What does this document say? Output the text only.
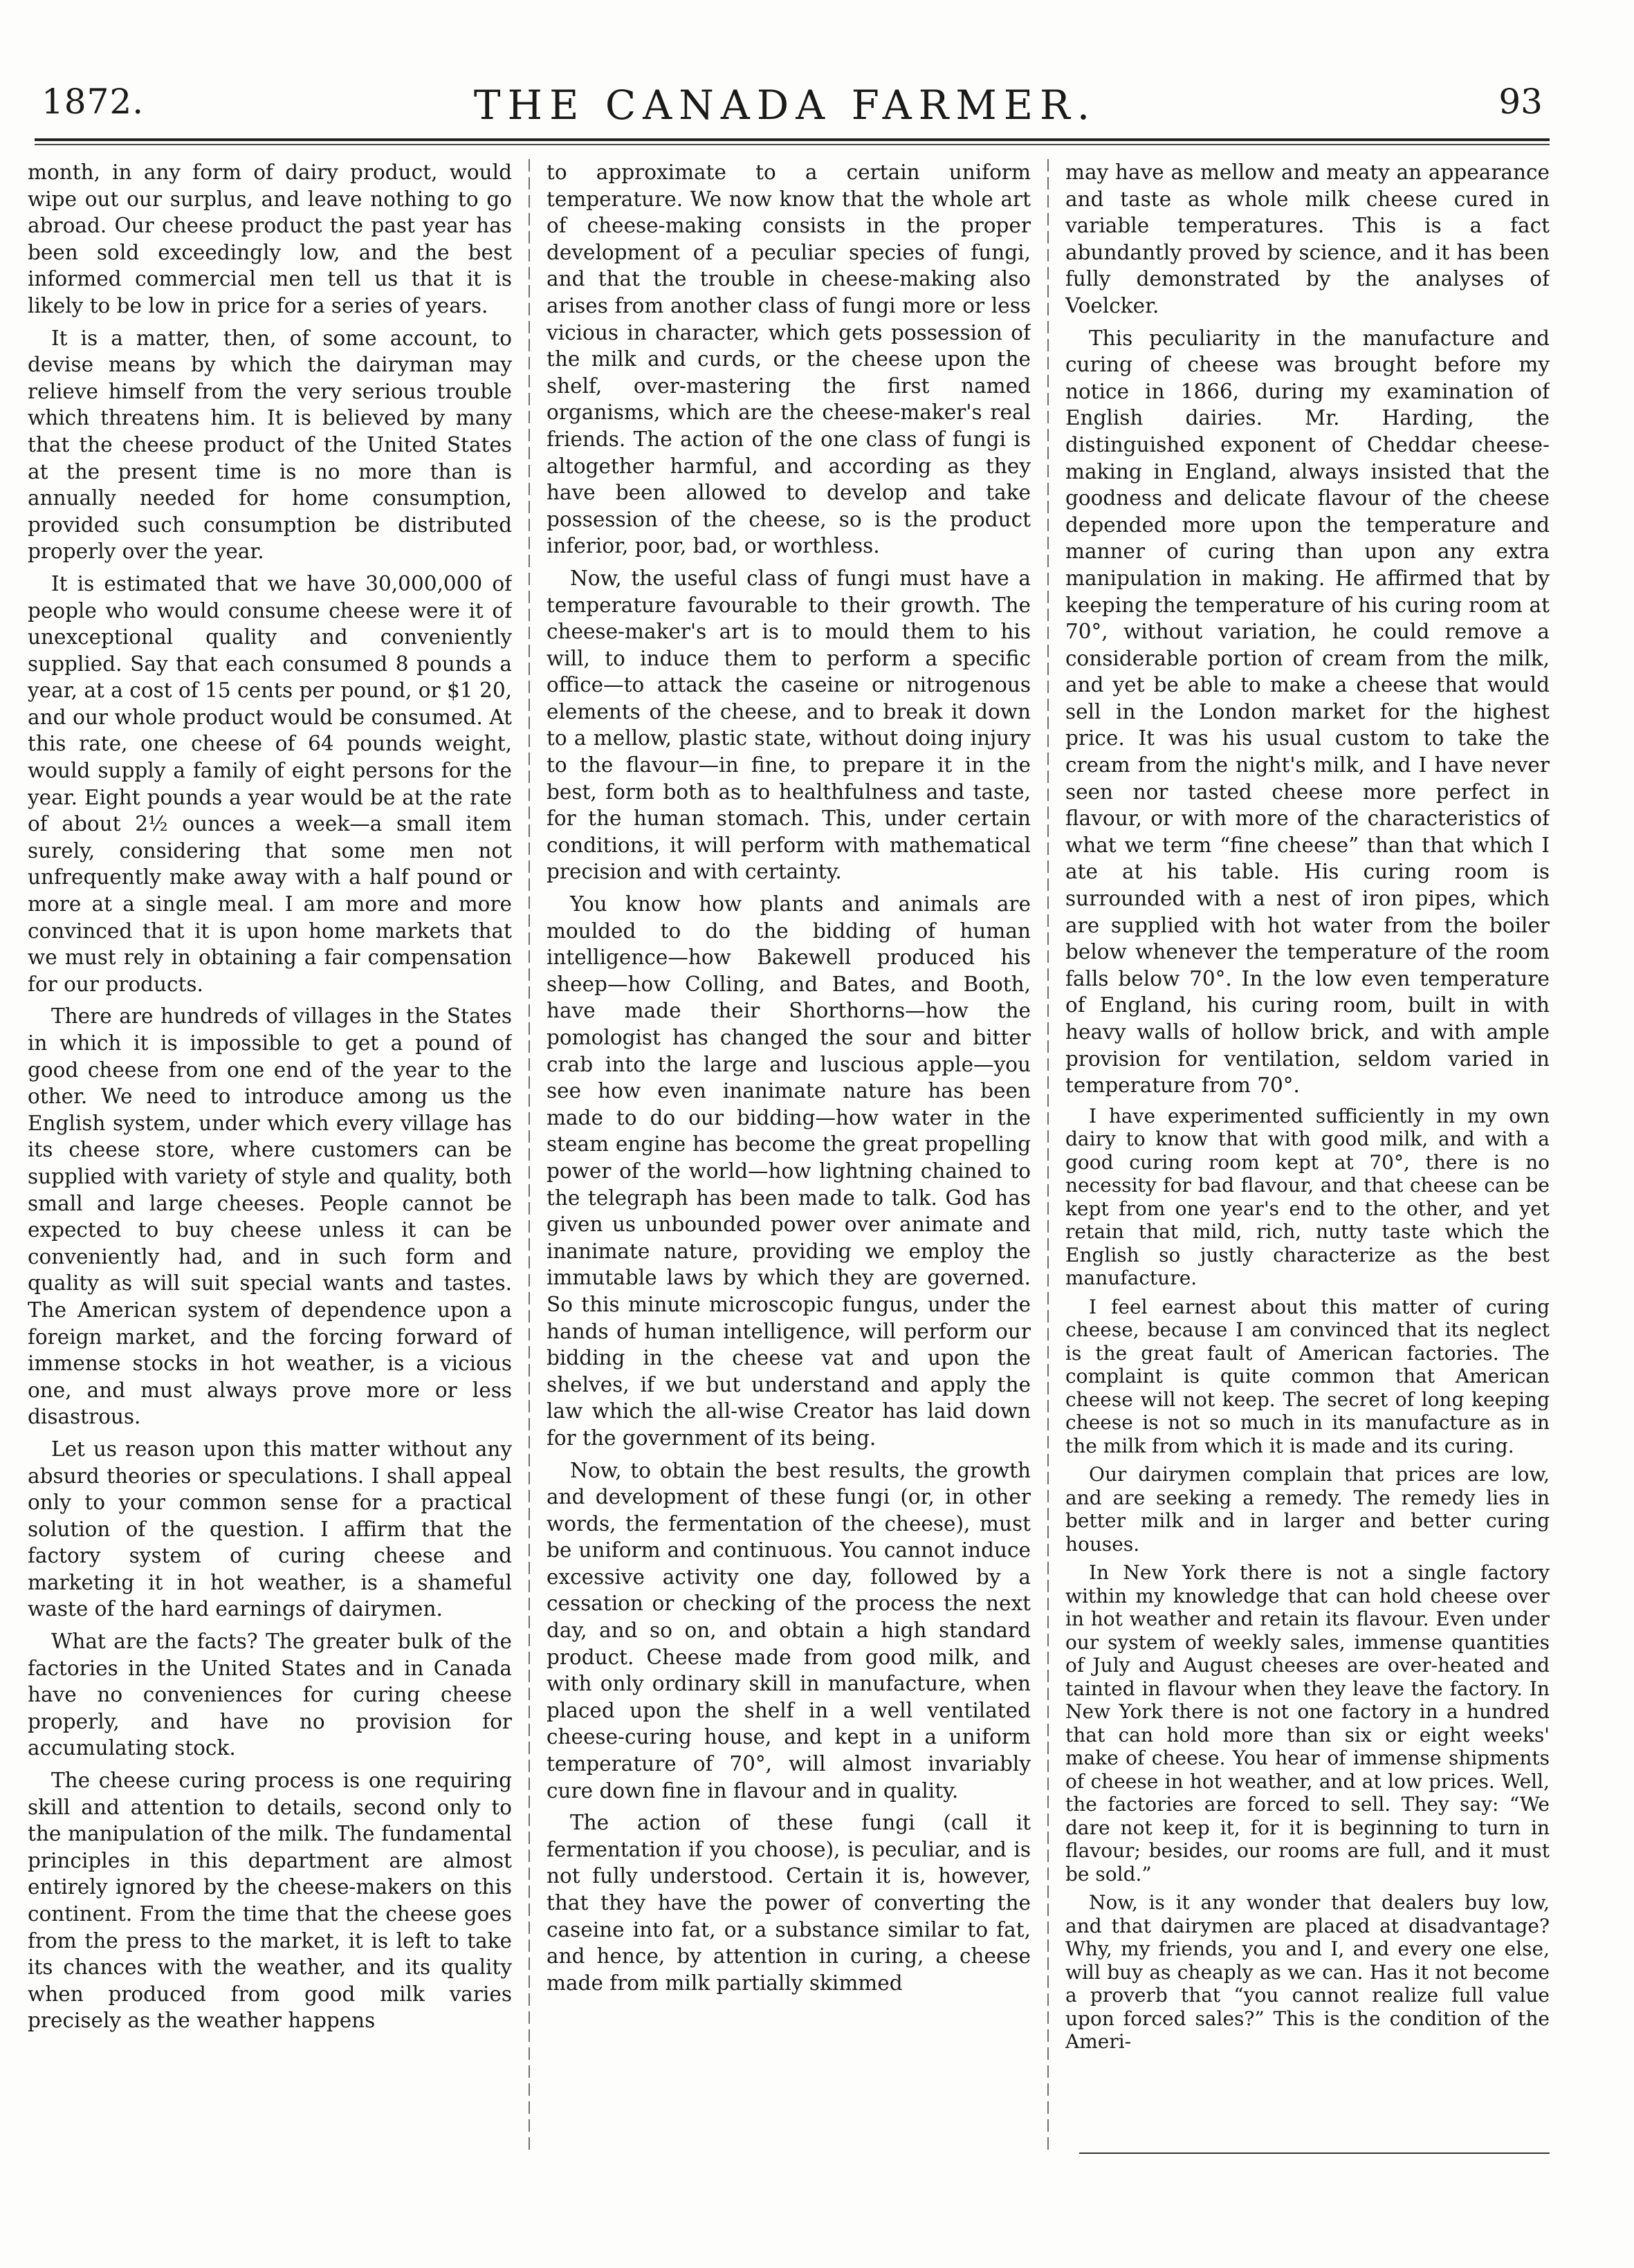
1872.	THE CANADA FARMER.	93

month, in any form of dairy product, would wipe out our surplus, and leave nothing to go abroad. Our cheese product the past year has been sold exceedingly low, and the best informed commercial men tell us that it is likely to be low in price for a series of years.

It is a matter, then, of some account, to devise means by which the dairyman may relieve himself from the very serious trouble which threatens him. It is believed by many that the cheese product of the United States at the present time is no more than is annually needed for home consumption, provided such consumption be distributed properly over the year.

It is estimated that we have 30,000,000 of people who would consume cheese were it of unexceptional quality and conveniently supplied. Say that each consumed 8 pounds a year, at a cost of 15 cents per pound, or $1 20, and our whole product would be consumed. At this rate, one cheese of 64 pounds weight, would supply a family of eight persons for the year. Eight pounds a year would be at the rate of about 2½ ounces a week—a small item surely, considering that some men not unfrequently make away with a half pound or more at a single meal. I am more and more convinced that it is upon home markets that we must rely in obtaining a fair compensation for our products.

There are hundreds of villages in the States in which it is impossible to get a pound of good cheese from one end of the year to the other. We need to introduce among us the English system, under which every village has its cheese store, where customers can be supplied with variety of style and quality, both small and large cheeses. People cannot be expected to buy cheese unless it can be conveniently had, and in such form and quality as will suit special wants and tastes. The American system of dependence upon a foreign market, and the forcing forward of immense stocks in hot weather, is a vicious one, and must always prove more or less disastrous.

Let us reason upon this matter without any absurd theories or speculations. I shall appeal only to your common sense for a practical solution of the question. I affirm that the factory system of curing cheese and marketing it in hot weather, is a shameful waste of the hard earnings of dairymen.

What are the facts? The greater bulk of the factories in the United States and in Canada have no conveniences for curing cheese properly, and have no provision for accumulating stock.

The cheese curing process is one requiring skill and attention to details, second only to the manipulation of the milk. The fundamental principles in this department are almost entirely ignored by the cheese-makers on this continent. From the time that the cheese goes from the press to the market, it is left to take its chances with the weather, and its quality when produced from good milk varies precisely as the weather happens

to approximate to a certain uniform temperature. We now know that the whole art of cheese-making consists in the proper development of a peculiar species of fungi, and that the trouble in cheese-making also arises from another class of fungi more or less vicious in character, which gets possession of the milk and curds, or the cheese upon the shelf, over-mastering the first named organisms, which are the cheese-maker's real friends. The action of the one class of fungi is altogether harmful, and according as they have been allowed to develop and take possession of the cheese, so is the product inferior, poor, bad, or worthless.

Now, the useful class of fungi must have a temperature favourable to their growth. The cheese-maker's art is to mould them to his will, to induce them to perform a specific office—to attack the caseine or nitrogenous elements of the cheese, and to break it down to a mellow, plastic state, without doing injury to the flavour—in fine, to prepare it in the best, form both as to healthfulness and taste, for the human stomach. This, under certain conditions, it will perform with mathematical precision and with certainty.

You know how plants and animals are moulded to do the bidding of human intelligence—how Bakewell produced his sheep—how Colling, and Bates, and Booth, have made their Shorthorns—how the pomologist has changed the sour and bitter crab into the large and luscious apple—you see how even inanimate nature has been made to do our bidding—how water in the steam engine has become the great propelling power of the world—how lightning chained to the telegraph has been made to talk. God has given us unbounded power over animate and inanimate nature, providing we employ the immutable laws by which they are governed. So this minute microscopic fungus, under the hands of human intelligence, will perform our bidding in the cheese vat and upon the shelves, if we but understand and apply the law which the all-wise Creator has laid down for the government of its being.

Now, to obtain the best results, the growth and development of these fungi (or, in other words, the fermentation of the cheese), must be uniform and continuous. You cannot induce excessive activity one day, followed by a cessation or checking of the process the next day, and so on, and obtain a high standard product. Cheese made from good milk, and with only ordinary skill in manufacture, when placed upon the shelf in a well ventilated cheese-curing house, and kept in a uniform temperature of 70°, will almost invariably cure down fine in flavour and in quality.

The action of these fungi (call it fermentation if you choose), is peculiar, and is not fully understood. Certain it is, however, that they have the power of converting the caseine into fat, or a substance similar to fat, and hence, by attention in curing, a cheese made from milk partially skimmed

may have as mellow and meaty an appearance and taste as whole milk cheese cured in variable temperatures. This is a fact abundantly proved by science, and it has been fully demonstrated by the analyses of Voelcker.

This peculiarity in the manufacture and curing of cheese was brought before my notice in 1866, during my examination of English dairies. Mr. Harding, the distinguished exponent of Cheddar cheese-making in England, always insisted that the goodness and delicate flavour of the cheese depended more upon the temperature and manner of curing than upon any extra manipulation in making. He affirmed that by keeping the temperature of his curing room at 70°, without variation, he could remove a considerable portion of cream from the milk, and yet be able to make a cheese that would sell in the London market for the highest price. It was his usual custom to take the cream from the night's milk, and I have never seen nor tasted cheese more perfect in flavour, or with more of the characteristics of what we term “fine cheese” than that which I ate at his table. His curing room is surrounded with a nest of iron pipes, which are supplied with hot water from the boiler below whenever the temperature of the room falls below 70°. In the low even temperature of England, his curing room, built in with heavy walls of hollow brick, and with ample provision for ventilation, seldom varied in temperature from 70°.

I have experimented sufficiently in my own dairy to know that with good milk, and with a good curing room kept at 70°, there is no necessity for bad flavour, and that cheese can be kept from one year's end to the other, and yet retain that mild, rich, nutty taste which the English so justly characterize as the best manufacture.

I feel earnest about this matter of curing cheese, because I am convinced that its neglect is the great fault of American factories. The complaint is quite common that American cheese will not keep. The secret of long keeping cheese is not so much in its manufacture as in the milk from which it is made and its curing.

Our dairymen complain that prices are low, and are seeking a remedy. The remedy lies in better milk and in larger and better curing houses.

In New York there is not a single factory within my knowledge that can hold cheese over in hot weather and retain its flavour. Even under our system of weekly sales, immense quantities of July and August cheeses are over-heated and tainted in flavour when they leave the factory. In New York there is not one factory in a hundred that can hold more than six or eight weeks' make of cheese. You hear of immense shipments of cheese in hot weather, and at low prices. Well, the factories are forced to sell. They say: “We dare not keep it, for it is beginning to turn in flavour; besides, our rooms are full, and it must be sold.”

Now, is it any wonder that dealers buy low, and that dairymen are placed at disadvantage? Why, my friends, you and I, and every one else, will buy as cheaply as we can. Has it not become a proverb that “you cannot realize full value upon forced sales?” This is the condition of the Ameri-
